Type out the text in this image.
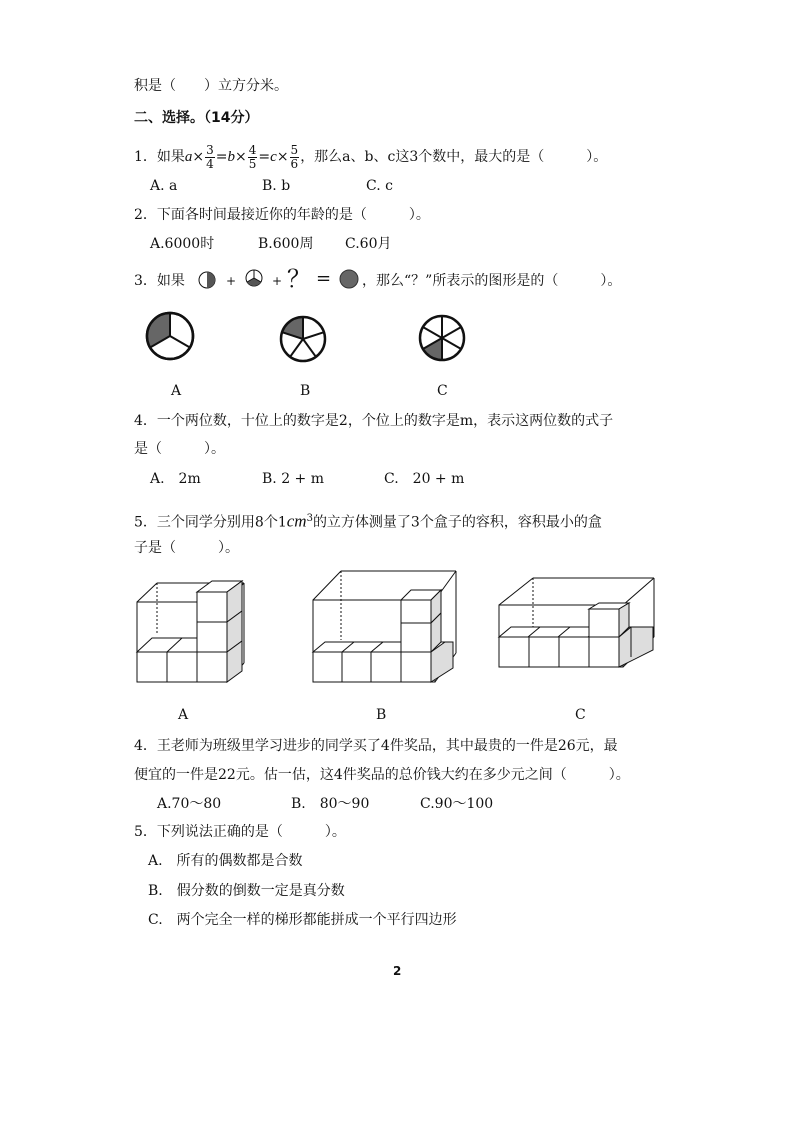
积是（　　）立方分米。
二、选择。（14分）
1．如果$a\times \frac{3}{4} =b\times \frac{4}{5} =c\times \frac{5}{6}$ ，那么a、b、c这3个数中，最大的是（　　　）。
A. a	B. b	C. c
2．下面各时间最接近你的年龄的是（　　　）。
A.6000时	B.600周 C.60月
3．如果	+	+ ？ = ，那么“？”所表示的图形是的（　　　）。
A	B	C
4．一个两位数，十位上的数字是2，个位上的数字是m，表示这两位数的式子
是（　　　）。
A.　2m	B. 2 + m	C.　20 + m
5．三个同学分别用8个$1cm^3$的立方体测量了3个盒子的容积，容积最小的盒
子是（　　　）。
A	B	C
4．王老师为班级里学习进步的同学买了4件奖品，其中最贵的一件是26元，最
便宜的一件是22元。估一估，这4件奖品的总价钱大约在多少元之间（　　　）。
A.70～80	B.　80～90	C.90～100
5．下列说法正确的是（　　　）。
A.　所有的偶数都是合数
B.　假分数的倒数一定是真分数
C.　两个完全一样的梯形都能拼成一个平行四边形
2
